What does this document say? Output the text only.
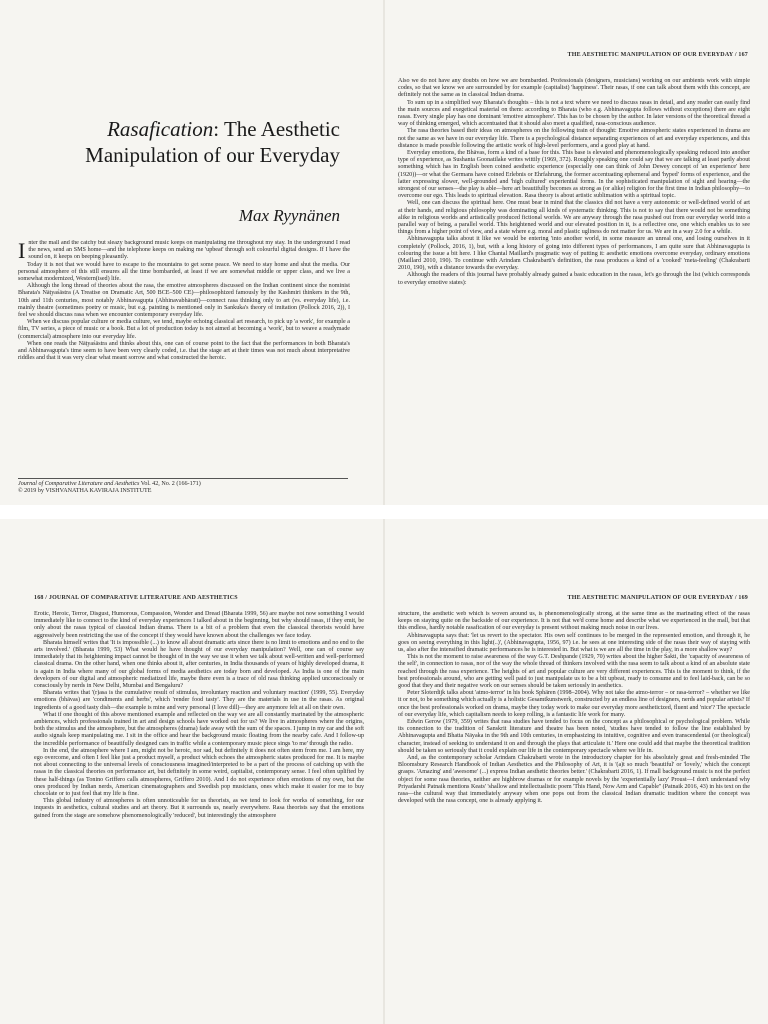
Rasafication: The Aesthetic Manipulation of our Everyday
Max Ryynänen

Inter the mall and the catchy but sleazy background music keeps on manipulating me throughout my stay. In the underground I read the news, send an SMS home—and the telephone keeps on making me 'upbeat' through soft colourful digital designs. If I have the sound on, it keeps on beeping pleasantly.

Today it is not that we would have to escape to the mountains to get some peace. We need to stay home and shut the media. Our personal atmosphere of this still ensures all the time bombarded, at least if we are somewhat middle or upper class, and we live a somewhat modernized, Western(ised) life.

Although the long thread of theories about the rasa, the emotive atmospheres discussed on the Indian continent since the nominist Bharata's Nāṭyaśāstra (A Treatise on Dramatic Art, 500 BCE–500 CE)—philosophized famously by the Kashmiri thinkers in the 9th, 10th and 11th centuries, most notably Abhinavagupta (Abhinavabhāratī)—connect rasa thinking only to art (vs. everyday life), i.e. mainly theatre (sometimes poetry or music, but e.g. painting is mentioned only in Sankuka's theory of imitation (Pollock 2016, 2)), I feel we should discuss rasa when we encounter contemporary everyday life.

When we discuss popular culture or media culture, we tend, maybe echoing classical art research, to pick up 'a work', for example a film, TV series, a piece of music or a book. But a lot of production today is not aimed at becoming a 'work', but to weave a readymade (commercial) atmosphere into our everyday life.

When one reads the Nāṭyaśāstra and thinks about this, one can of course point to the fact that the performances in both Bharata's and Abhinavagupta's time seem to have been very clearly coded, i.e. that the stage art at their times was not much about interpretative riddles and that it was very clear what meant sorrow and what constructed the heroic.

Journal of Comparative Literature and Aesthetics Vol. 42, No. 2 (166-171)
© 2019 by VISHVANATHA KAVIRAJA INSTITUTE
THE AESTHETIC MANIPULATION OF OUR EVERYDAY / 167

Also we do not have any doubts on how we are bombarded. Professionals (designers, musicians) working on our ambients work with simple codes, so that we know we are surrounded by for example (capitalist) 'happiness'. Their rasas, if one can talk about them with this concept, are definitely not the same as in classical Indian drama.

To sum up in a simplified way Bharata's thoughts – this is not a text where we need to discuss rasas in detail, and any reader can easily find the main sources and exegetical material on them: according to Bharata (who e.g. Abhinavagupta follows without exceptions) there are eight rasas. Every single play has one dominant 'emotive atmosphere'. This has to be chosen by the author. In later versions of the theoretical thread a way of thinking emerged, which accentuated that it should also meet a qualified, rasa-conscious audience.

The rasa theories based their ideas on atmospheres on the following train of thought: Emotive atmospheric states experienced in drama are not the same as we have in our everyday life. There is a psychological distance separating experiences of art and everyday experiences, and this distance is made possible following the artistic work of high-level performers, and a good play at hand.

Everyday emotions, the Bhāvas, form a kind of a base for this. This base is elevated and phenomenologically speaking reduced into another type of experience, as Sushanta Goonatilake writes wittily (1969, 372). Roughly speaking one could say that we are talking at least partly about something which has in English been coined aesthetic experience (especially one can think of John Dewey concept of 'an experience' here (1920))—or what the Germans have coined Erlebnis or Ehrfahrung, the former accentuating ephemeral and 'hyped' forms of experience, and the latter expressing slower, well-grounded and 'high cultured' experiential forms. In the sophisticated manipulation of sight and hearing—the strongest of our senses—the play is able—here art beautifully becomes as strong as (or alike) religion for the first time in Indian philosophy—to overcome our ego. This leads to spiritual elevation. Rasa theory is about artistic sublimation with a spiritual topic.

Well, one can discuss the spiritual here. One must bear in mind that the classics did not have a very autonomic or well-defined world of art at their hands, and religious philosophy was dominating all kinds of systematic thinking. This is not to say that there would not be something alike in religious worlds and artistically produced fictional worlds. We are anyway through the rasa pushed out from our everyday world into a parallel way of being, a parallel world. This heightened world and our elevated position in it, is a reflective one, one which enables us to see things from a higher point of view, and a state where e.g. moral and plastic ugliness do not matter for us. We are in a way 2.0 for a while.

Abhinavagupta talks about it like we would be entering 'into another world, in some measure an unreal one, and losing ourselves in it completely' (Pollock, 2016, 1), but, with a long history of going into different types of performances, I am quite sure that Abhinavagupta is colouring the issue a bit here. I like Chantal Maillard's pragmatic way of putting it: aesthetic emotions overcome everyday, ordinary emotions (Maillard 2010, 190). To continue with Arindam Chakrabarti's definition, the rasa produces a kind of a 'cooked' 'meta-feeling' (Chakrabarti 2010, 190), with a distance towards the everyday.

Although the readers of this journal have probably already gained a basic education in the rasas, let's go through the list (which corresponds to everyday emotive states):

168 / JOURNAL OF COMPARATIVE LITERATURE AND AESTHETICS

Erotic, Heroic, Terror, Disgust, Humorous, Compassion, Wonder and Dread (Bharata 1999, 56) are maybe not now something I would immediately like to connect to the kind of everyday experiences I talked about in the beginning, but why should rasas, if they emit, be only about the rasas typical of classical Indian drama. There is a bit of a problem that even the classical theorists would have aggressively been restricting the use of the concept if they would have known about the challenges we face today.

Bharata himself writes that 'It is impossible (...) to know all about dramatic arts since there is no limit to emotions and no end to the arts involved.' (Bharata 1999, 53) What would he have thought of our everyday manipulation? Well, one can of course say immediately that its heightening impact cannot be thought of in the way we use it when we talk about well-written and well-performed classical drama. On the other hand, when one thinks about it, after centuries, in India thousands of years of highly developed drama, it is again in India where many of our global forms of media aesthetics are today born and developed. As India is one of the main developers of our digital and atmospheric mediatized life, maybe there even is a trace of old rasa thinking applied unconsciously or consciously by nerds in New Delhi, Mumbai and Bengaluru?

Bharata writes that '(r)asa is the cumulative result of stimulus, involuntary reaction and voluntary reaction' (1999, 55). Everyday emotions (bhāvas) are 'condiments and herbs', which 'render food tasty'. They are the materials in use in the rasas. As original ingredients of a good tasty dish—the example is mine and very personal (I love dill)—they are anymore felt at all on their own.

What if one thought of this above mentioned example and reflected on the way we are all constantly marinated by the atmospheric ambiences, which professionals trained in art and design schools have worked out for us? We live in atmospheres where the origins, both the stimulus and the atmosphere, but the atmospheres (drama) fade away with the sum of the spaces. I jump in my car and the soft audio signals keep manipulating me. I sit in the office and hear the background music floating from the nearby cafe. And I follow-up the incredible performance of beautifully designed cars in traffic while a contemporary music piece sings 'to me' through the radio.

In the end, the atmosphere where I am, might not be heroic, nor sad, but definitely it does not often stem from me. I am here, my ego overcome, and often I feel like just a product myself, a product which echoes the atmospheric states produced for me. It is maybe not about connecting to the universal levels of consciousness imagined/interpreted to be a part of the process of catching up with the rasas in the classical theories on performance art, but definitely in some weird, capitalist, contemporary sense. I feel often uplifted by these half-things (as Tonino Griffero calls atmospheres, Griffero 2010). And I do not experience often emotions of my own, but the ones produced by Indian nerds, American cinematographers and Swedish pop musicians, ones which make it easier for me to buy chocolate or to just feel that my life is fine.

This global industry of atmospheres is often unnoticeable for us theorists, as we tend to look for works of something, for our inquests in aesthetics, cultural studies and art theory. But it surrounds us, nearly everywhere. Rasa theorists say that the emotions gained from the stage are somehow phenomenologically 'reduced', but interestingly the atmosphere

THE AESTHETIC MANIPULATION OF OUR EVERYDAY / 169

structure, the aesthetic web which is woven around us, is phenomenologically strong, at the same time as the marinating effect of the rasas keeps on staying quite on the backside of our experience. It is not that we'd come home and describe what we experienced in the mall, but that this endless, hardly notable rasafication of our everyday is present without making much noise in our lives.

Abhinavagupta says that: 'let us revert to the spectator. His own self continues to be merged in the represented emotion, and through it, he goes on seeing everything in this light(..)', (Abhinavagupta, 1956, 97) i.e. he sees at one interesting side of the rasas their way of staying with us, also after the intensified dramatic performances he is interested in. But what is we are all the time in the play, in a more shallow way?

This is not the moment to raise awareness of the way G.T. Deshpande (1929, 70) writes about the higher Śakti, the 'capacity of awareness of the self', in connection to rasas, nor of the way the whole thread of thinkers involved with the rasa seem to talk about a kind of an absolute state reached through the rasa experience. The heights of art and popular culture are very different experiences. This is the moment to think, if the best professionals around, who are getting well paid to just manipulate us to be a bit upbeat, ready to consume and to feel laid-back, can be so good that they and their negative work on our senses should be taken seriously in aesthetics.

Peter Sloterdijk talks about 'atmo-terror' in his book Sphären (1998–2004). Why not take the atmo-terror – or rasa-terror? – whether we like it or not, to be something which actually is a holistic Gesamtkunstwerk, constructed by an endless line of designers, nerds and popular artists? If once the best professionals worked on drama, maybe they today work to make our everyday more aestheticized, fluent and 'nice'? The spectacle of our everyday life, which capitalism needs to keep rolling, is a fantastic life work for many.

Edwin Gerow (1979, 359) writes that rasa studies have tended to focus on the concept as a philosophical or psychological problem. While its connection to the tradition of Sanskrit literature and theatre has been noted, 'studies have tended to follow the line established by Abhinavagupta and Bhatta Nāyaka in the 9th and 10th centuries, in emphasizing its intuitive, cognitive and even transcendental (or theological) character, instead of seeking to understand it on and through the plays that articulate it.' Here one could add that maybe the theoretical tradition should be taken so seriously that it could explain our life in the contemporary spectacle where we life in.

And, as the contemporary scholar Arindam Chakrabarti wrote in the introductory chapter for his absolutely great and fresh-minded The Bloomsbury Research Handbook of Indian Aesthetics and the Philosophy of Art, it is '(a)t so much 'beautiful' or 'lovely,' which the concept grasps. 'Amazing' and 'awesome' (...) express Indian aesthetic theories better.' (Chakrabarti 2016, 1). If mall background music is not the perfect object for some rasa theories, neither are highbrow dramas or for example novels by the 'experientially lazy' Proust—I don't understand why Priyadarshi Patnaik mentions Keats' 'shallow and intellectualistic poem 'This Hand, Now Arm and Capable'' (Patnaik 2016, 43) in his text on the rasa—the cultural way that immediately anyway when one pops out from the classical Indian dramatic tradition where the concept was developed with the rasa concept, one is already applying it.
